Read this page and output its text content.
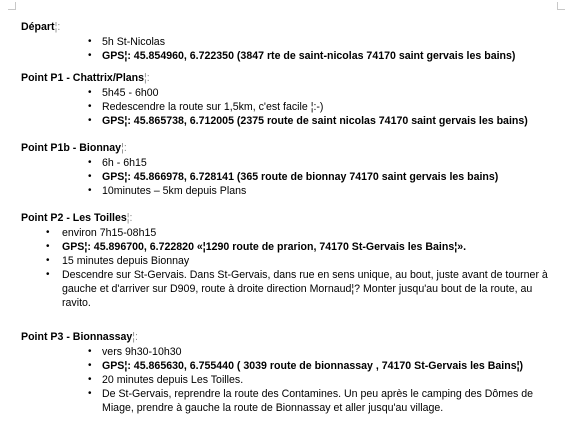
Départ¦:
• 5h St-Nicolas
• GPS¦: 45.854960, 6.722350 (3847 rte de saint-nicolas 74170 saint gervais les bains)
Point P1 - Chattrix/Plans¦:
• 5h45 - 6h00
• Redescendre la route sur 1,5km, c'est facile ¦:-)
• GPS¦: 45.865738, 6.712005 (2375 route de saint nicolas 74170 saint gervais les bains)
Point P1b - Bionnay¦:
• 6h - 6h15
• GPS¦: 45.866978, 6.728141 (365 route de bionnay 74170 saint gervais les bains)
• 10minutes – 5km depuis Plans
Point P2 - Les Toilles¦:
• environ 7h15-08h15
• GPS¦: 45.896700, 6.722820 «¦1290 route de prarion, 74170 St-Gervais les Bains¦».
• 15 minutes depuis Bionnay
• Descendre sur St-Gervais. Dans St-Gervais, dans rue en sens unique, au bout, juste avant de tourner à gauche et d'arriver sur D909, route à droite direction Mornaud¦? Monter jusqu'au bout de la route, au ravito.
Point P3 - Bionnassay¦:
• vers 9h30-10h30
• GPS¦: 45.865630, 6.755440 ( 3039 route de bionnassay , 74170 St-Gervais les Bains¦)
• 20 minutes depuis Les Toilles.
• De St-Gervais, reprendre la route des Contamines. Un peu après le camping des Dômes de Miage, prendre à gauche la route de Bionnassay et aller jusqu'au village.
